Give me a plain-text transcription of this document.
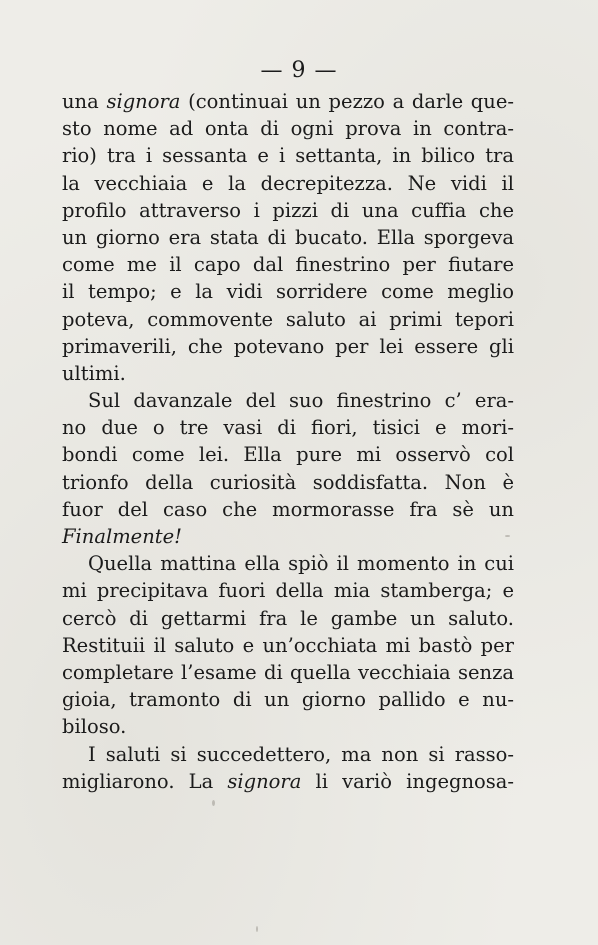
— 9 —
una signora (continuai un pezzo a darle que-
sto nome ad onta di ogni prova in contra-
rio) tra i sessanta e i settanta, in bilico tra
la vecchiaia e la decrepitezza. Ne vidi il
profilo attraverso i pizzi di una cuffia che
un giorno era stata di bucato. Ella sporgeva
come me il capo dal finestrino per fiutare
il tempo; e la vidi sorridere come meglio
poteva, commovente saluto ai primi tepori
primaverili, che potevano per lei essere gli
ultimi.
Sul davanzale del suo finestrino c’ era-
no due o tre vasi di fiori, tisici e mori-
bondi come lei. Ella pure mi osservò col
trionfo della curiosità soddisfatta. Non è
fuor del caso che mormorasse fra sè un
Finalmente!
Quella mattina ella spiò il momento in cui
mi precipitava fuori della mia stamberga; e
cercò di gettarmi fra le gambe un saluto.
Restituii il saluto e un’occhiata mi bastò per
completare l’esame di quella vecchiaia senza
gioia, tramonto di un giorno pallido e nu-
biloso.
I saluti si succedettero, ma non si rasso-
migliarono. La signora li variò ingegnosa-
